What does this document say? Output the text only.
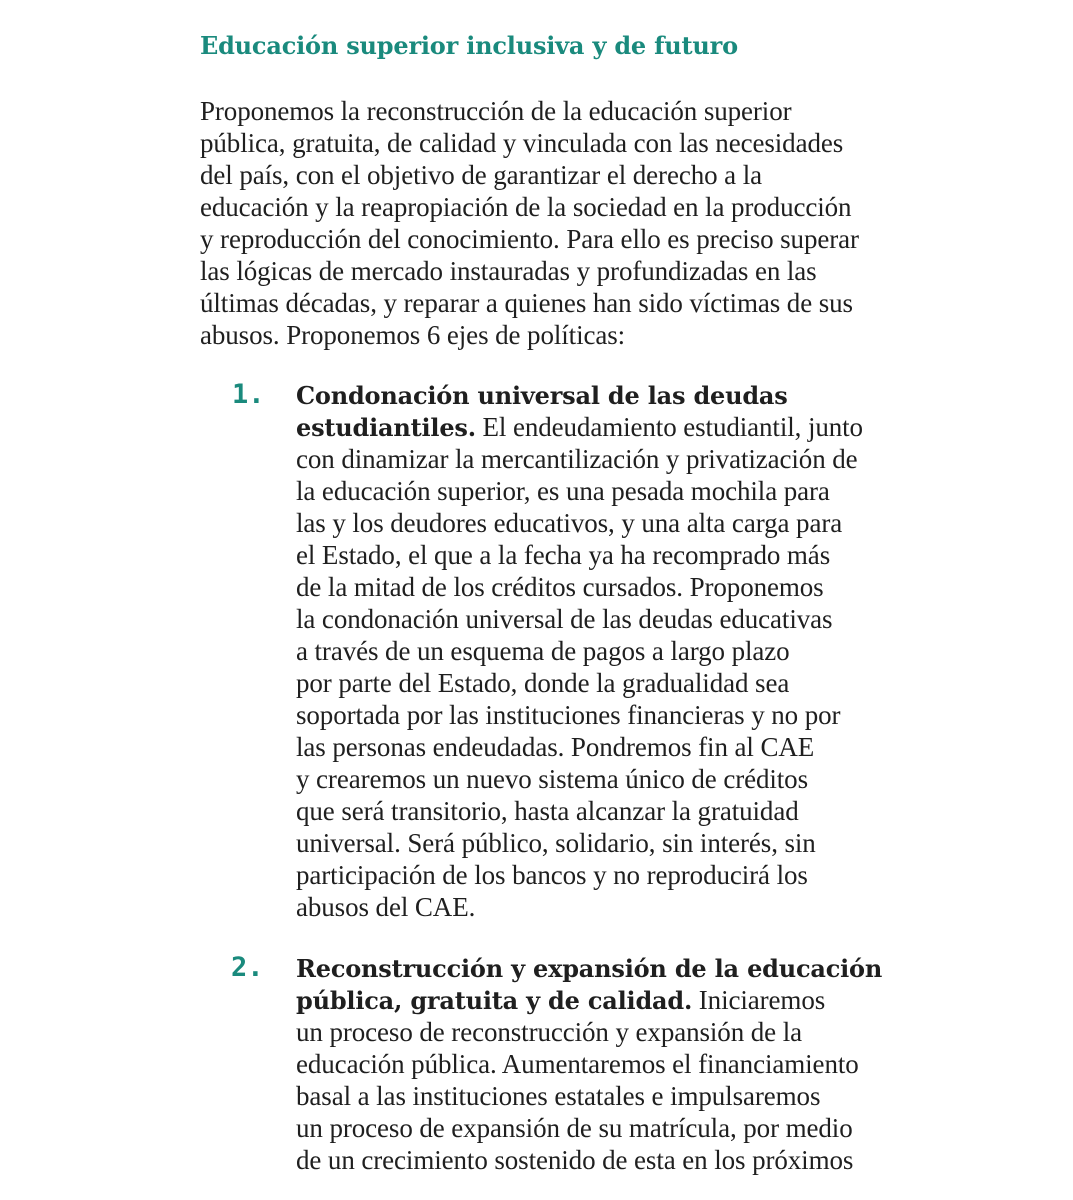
Educación superior inclusiva y de futuro
Proponemos la reconstrucción de la educación superior
pública, gratuita, de calidad y vinculada con las necesidades
del país, con el objetivo de garantizar el derecho a la
educación y la reapropiación de la sociedad en la producción
y reproducción del conocimiento. Para ello es preciso superar
las lógicas de mercado instauradas y profundizadas en las
últimas décadas, y reparar a quienes han sido víctimas de sus
abusos. Proponemos 6 ejes de políticas:
1. Condonación universal de las deudas
estudiantiles. El endeudamiento estudiantil, junto
con dinamizar la mercantilización y privatización de
la educación superior, es una pesada mochila para
las y los deudores educativos, y una alta carga para
el Estado, el que a la fecha ya ha recomprado más
de la mitad de los créditos cursados. Proponemos
la condonación universal de las deudas educativas
a través de un esquema de pagos a largo plazo
por parte del Estado, donde la gradualidad sea
soportada por las instituciones financieras y no por
las personas endeudadas. Pondremos fin al CAE
y crearemos un nuevo sistema único de créditos
que será transitorio, hasta alcanzar la gratuidad
universal. Será público, solidario, sin interés, sin
participación de los bancos y no reproducirá los
abusos del CAE.
2. Reconstrucción y expansión de la educación
pública, gratuita y de calidad. Iniciaremos
un proceso de reconstrucción y expansión de la
educación pública. Aumentaremos el financiamiento
basal a las instituciones estatales e impulsaremos
un proceso de expansión de su matrícula, por medio
de un crecimiento sostenido de esta en los próximos
